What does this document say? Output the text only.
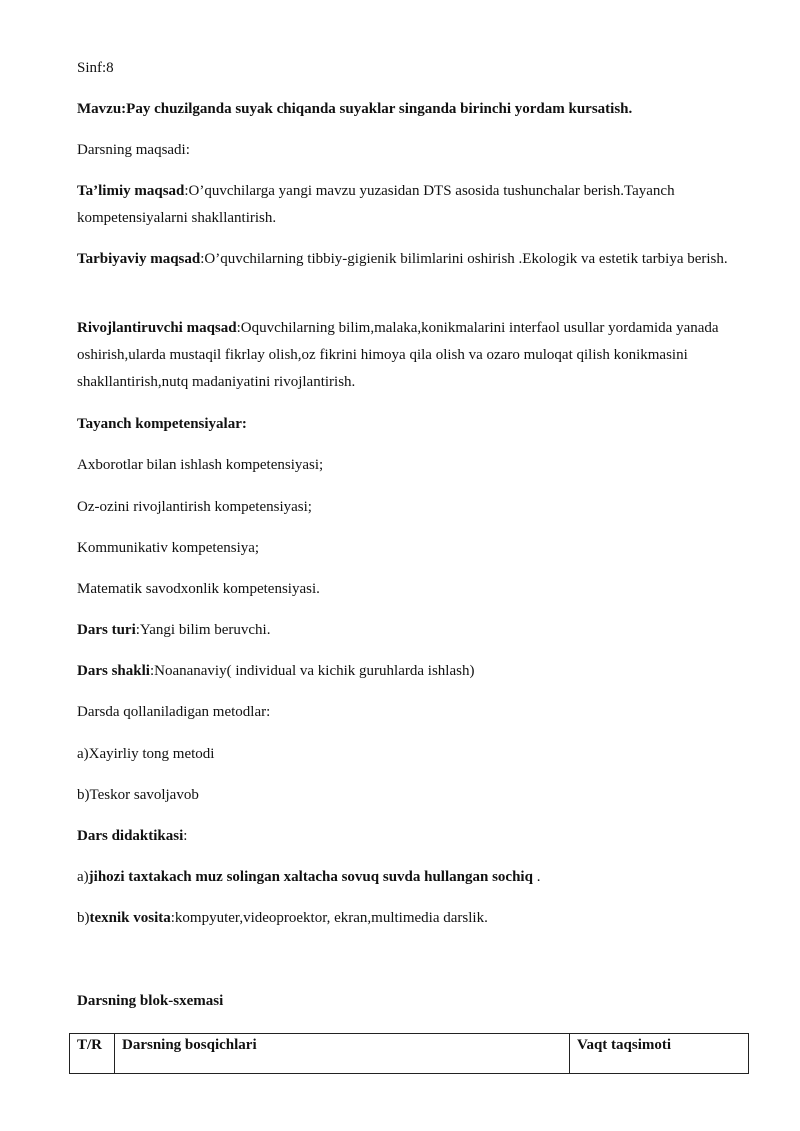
Sinf:8

Mavzu:Pay chuzilganda suyak chiqanda suyaklar singanda birinchi yordam kursatish.

Darsning maqsadi:

Ta’limiy maqsad:O’quvchilarga yangi mavzu yuzasidan DTS asosida tushunchalar berish.Tayanch kompetensiyalarni shakllantirish.

Tarbiyaviy maqsad:O’quvchilarning tibbiy-gigienik bilimlarini oshirish .Ekologik va estetik tarbiya berish.

Rivojlantiruvchi maqsad:Oquvchilarning bilim,malaka,konikmalarini interfaol usullar yordamida yanada oshirish,ularda mustaqil fikrlay olish,oz fikrini himoya qila olish va ozaro muloqat qilish konikmasini shakllantirish,nutq madaniyatini rivojlantirish.

Tayanch kompetensiyalar:

Axborotlar bilan ishlash kompetensiyasi;

Oz-ozini rivojlantirish kompetensiyasi;

Kommunikativ kompetensiya;

Matematik savodxonlik kompetensiyasi.

Dars turi:Yangi bilim beruvchi.

Dars shakli:Noananaviy( individual va kichik guruhlarda ishlash)

Darsda qollaniladigan metodlar:

a)Xayirliy tong metodi

b)Teskor savoljavob

Dars didaktikasi:

a)jihozi taxtakach muz solingan xaltacha sovuq suvda hullangan sochiq .

b)texnik vosita:kompyuter,videoproektor, ekran,multimedia darslik.

Darsning blok-sxemasi

T/R	Darsning bosqichlari	Vaqt taqsimoti
